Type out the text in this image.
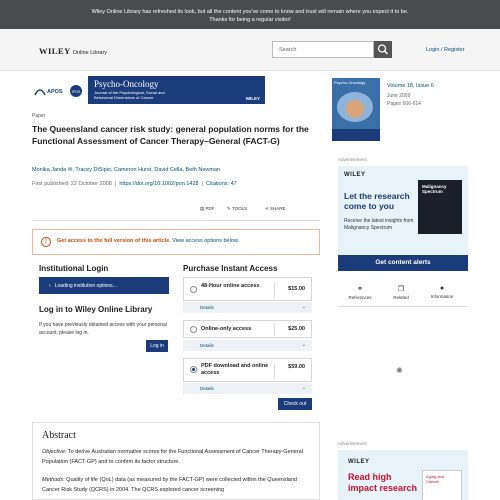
Wiley Online Library has refreshed its look, but all the content you've come to know and trust will remain where you expect it to be.
Thanks for being a regular visitor!
WILEY Online Library	Search	Login / Register
APOS	IPOS
Psycho-Oncology
Journal of the Psychological, Social and
Behavioral Dimensions of Cancer	WILEY
Paper
The Queensland cancer risk study: general population norms for the Functional Assessment of Cancer Therapy–General (FACT-G)
Monika Janda ✉, Tracey DiSipio, Cameron Hurst, David Cella, Beth Newman
First published: 22 October 2008  |  https://doi.org/10.1002/pon.1428  |  Citations: 47
▤ PDF	✎ TOOLS	⋖ SHARE
!	Get access to the full version of this article. View access options below.
Institutional Login
‹ Loading institution options...
Log in to Wiley Online Library
If you have previously obtained access with your personal account, please log in.
Log in
Purchase Instant Access
48-Hour online access	$15.00
Details	⌄
Online-only access	$25.00
Details	⌄
PDF download and online access
$59.00
Details	⌄
Check out
Abstract
Objective: To derive Australian normative scores for the Functional Assessment of Cancer Therapy-General Population (FACT-GP) and to confirm its factor structure.
Methods: Quality of life (QoL) data (as measured by the FACT-GP) were collected within the Queensland Cancer Risk Study (QCRS) in 2004. The QCRS explored cancer screening
Psycho-Oncology
Volume 18, Issue 6
June 2009
Pages 606-614
Advertisement
WILEY
Let the research come to you
Receive the latest insights from Malignancy Spectrum
Malignancy Spectrum
Get content alerts
⚭
References
❐
Related
●
Information
✺
Advertisement
WILEY
Read high impact research
Aging and Cancer
